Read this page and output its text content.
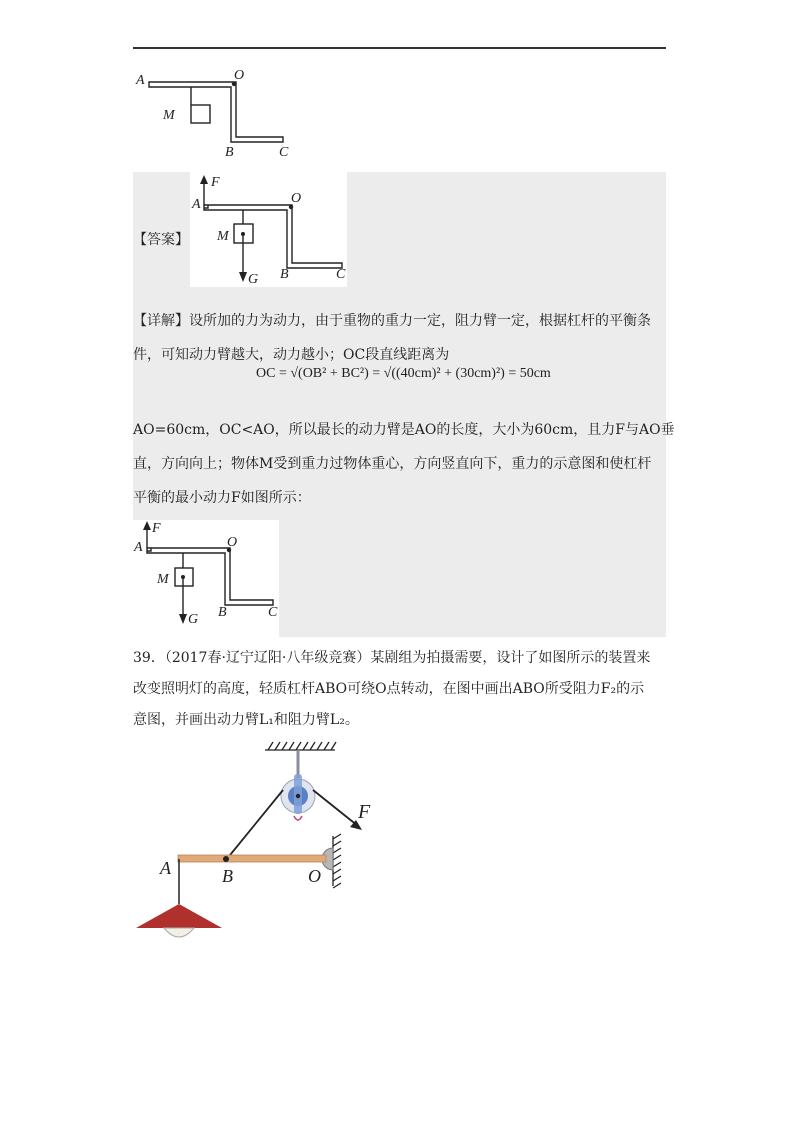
A	O
M
B	C
【答案】
F
A	O
M
G B	C
【详解】设所加的力为动力，由于重物的重力一定，阻力臂一定，根据杠杆的平衡条
件，可知动力臂越大，动力越小；OC段直线距离为
OC = √(OB² + BC²) = √((40cm)² + (30cm)²) = 50cm
AO=60cm，OC<AO，所以最长的动力臂是AO的长度，大小为60cm，且力F与AO垂
直，方向向上；物体M受到重力过物体重心，方向竖直向下，重力的示意图和使杠杆
平衡的最小动力F如图所示：
F
A	O
M
G B	C
39．（2017春·辽宁辽阳·八年级竞赛）某剧组为拍摄需要，设计了如图所示的装置来
改变照明灯的高度，轻质杠杆ABO可绕O点转动，在图中画出ABO所受阻力F₂的示
意图，并画出动力臂L₁和阻力臂L₂。
F
A	B	O
